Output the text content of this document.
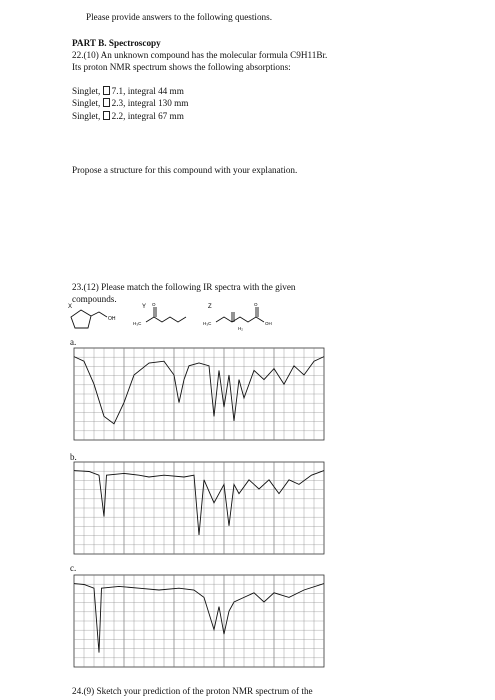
Please provide answers to the following questions.
PART B. Spectroscopy
22.(10) An unknown compound has the molecular formula C9H11Br.
Its proton NMR spectrum shows the following absorptions:
Singlet, 7.1, integral 44 mm
Singlet, 2.3, integral 130 mm
Singlet, 2.2, integral 67 mm
Propose a structure for this compound with your explanation.
23.(12) Please match the following IR spectra with the given
compounds.
X	Y	Z
OH
O
H₃C
O
H₃C
H₂
OH
a.
b.
c.
24.(9) Sketch your prediction of the proton NMR spectrum of the
